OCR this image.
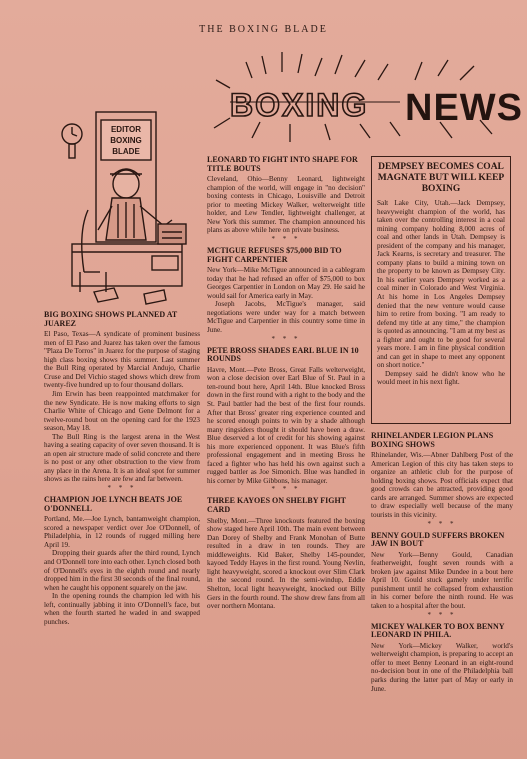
THE BOXING BLADE
BOXING NEWS
EDITOR
BOXING
BLADE
BIG BOXING SHOWS PLANNED AT JUAREZ

El Paso, Texas—A syndicate of prominent business men of El Paso and Juarez has taken over the famous "Plaza De Torros" in Juarez for the purpose of staging high class boxing shows this summer. Last summer the Bull Ring operated by Marcial Andujo, Charlie Cruse and Del Vichio staged shows which drew from twenty-five hundred up to four thousand dollars.

Jim Erwin has been reappointed matchmaker for the new Syndicate. He is now making efforts to sign Charlie White of Chicago and Gene Delmont for a twelve-round bout on the opening card for the 1923 season, May 18.

The Bull Ring is the largest arena in the West having a seating capacity of over seven thousand. It is an open air structure made of solid concrete and there is no post or any other obstruction to the view from any place in the Arena. It is an ideal spot for summer shows as the rains here are few and far between.

* * *
CHAMPION JOE LYNCH BEATS JOE O'DONNELL

Portland, Me.—Joe Lynch, bantamweight champion, scored a newspaper verdict over Joe O'Donnell, of Philadelphia, in 12 rounds of rugged milling here April 19.

Dropping their guards after the third round, Lynch and O'Donnell tore into each other. Lynch closed both of O'Donnell's eyes in the eighth round and nearly dropped him in the first 30 seconds of the final round, when he caught his opponent squarely on the jaw.

In the opening rounds the champion led with his left, continually jabbing it into O'Donnell's face, but when the fourth started he waded in and swapped punches.

LEONARD TO FIGHT INTO SHAPE FOR TITLE BOUTS

Cleveland, Ohio—Benny Leonard, lightweight champion of the world, will engage in "no decision" boxing contests in Chicago, Louisville and Detroit prior to meeting Mickey Walker, welterweight title holder, and Lew Tendler, lightweight challenger, at New York this summer. The champion announced his plans as above while here on private business.

* * *
MCTIGUE REFUSES $75,000 BID TO FIGHT CARPENTIER

New York—Mike McTigue announced in a cablegram today that he had refused an offer of $75,000 to box Georges Carpentier in London on May 29. He said he would sail for America early in May.

Joseph Jacobs, McTigue's manager, said negotiations were under way for a match between McTigue and Carpentier in this country some time in June.

* * *
PETE BROSS SHADES EARL BLUE IN 10 ROUNDS

Havre, Mont.—Pete Bross, Great Falls welterweight, won a close decision over Earl Blue of St. Paul in a ten-round bout here, April 14th. Blue knocked Bross down in the first round with a right to the body and the St. Paul battler had the best of the first four rounds. After that Bross' greater ring experience counted and he scored enough points to win by a shade although many ringsiders thought it should have been a draw. Blue deserved a lot of credit for his showing against his more experienced opponent. It was Blue's fifth professional engagement and in meeting Bross he faced a fighter who has held his own against such a rugged battler as Joe Simonich. Blue was handled in his corner by Mike Gibbons, his manager.

* * *
THREE KAYOES ON SHELBY FIGHT CARD

Shelby, Mont.—Three knockouts featured the boxing show staged here April 10th. The main event between Dan Dorey of Shelby and Frank Monohan of Butte resulted in a draw in ten rounds. They are middleweights. Kid Baker, Shelby 145-pounder, kayoed Teddy Hayes in the first round. Young Nevlin, light heavyweight, scored a knockout over Slim Clark in the second round. In the semi-windup, Eddie Shelton, local light heavyweight, knocked out Billy Gers in the fourth round. The show drew fans from all over northern Montana.

DEMPSEY BECOMES COAL MAGNATE BUT WILL KEEP BOXING

Salt Lake City, Utah.—Jack Dempsey, heavyweight champion of the world, has taken over the controlling interest in a coal mining company holding 8,000 acres of coal and other lands in Utah. Dempsey is president of the company and his manager, Jack Kearns, is secretary and treasurer. The company plans to build a mining town on the property to be known as Dempsey City. In his earlier years Dempsey worked as a coal miner in Colorado and West Virginia. At his home in Los Angeles Dempsey denied that the new venture would cause him to retire from boxing. "I am ready to defend my title at any time," the champion is quoted as announcing. "I am at my best as a fighter and ought to be good for several years more. I am in fine physical condition and can get in shape to meet any opponent on short notice."

Dempsey said he didn't know who he would meet in his next fight.

RHINELANDER LEGION PLANS BOXING SHOWS

Rhinelander, Wis.—Abner Dahlberg Post of the American Legion of this city has taken steps to organize an athletic club for the purpose of holding boxing shows. Post officials expect that good crowds can be attracted, providing good cards are arranged. Summer shows are expected to draw especially well because of the many tourists in this vicinity.

* * *
BENNY GOULD SUFFERS BROKEN JAW IN BOUT

New York—Benny Gould, Canadian featherweight, fought seven rounds with a broken jaw against Mike Dundee in a bout here April 10. Gould stuck gamely under terrific punishment until he collapsed from exhaustion in his corner before the ninth round. He was taken to a hospital after the bout.

* * *
MICKEY WALKER TO BOX BENNY LEONARD IN PHILA.

New York—Mickey Walker, world's welterweight champion, is preparing to accept an offer to meet Benny Leonard in an eight-round no-decision bout in one of the Philadelphia ball parks during the latter part of May or early in June.
